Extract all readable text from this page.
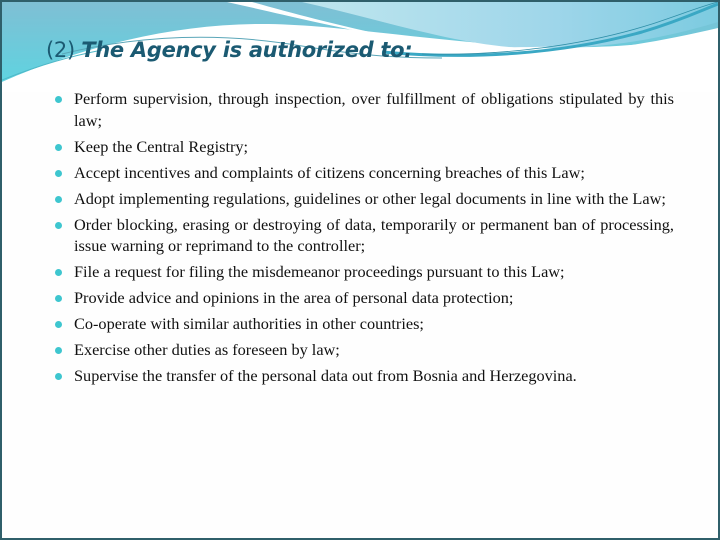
(2) The Agency is authorized to:
Perform supervision, through inspection, over fulfillment of obligations stipulated by this law;
Keep the Central Registry;
Accept incentives and complaints of citizens concerning breaches of this Law;
Adopt implementing regulations, guidelines or other legal documents in line with the Law;
Order blocking, erasing or destroying of data, temporarily or permanent ban of processing, issue warning or reprimand to the controller;
File a request for filing the misdemeanor proceedings pursuant to this Law;
Provide advice and opinions in the area of personal data protection;
Co-operate with similar authorities in other countries;
Exercise other duties as foreseen by law;
Supervise the transfer of the personal data out from Bosnia and Herzegovina.
